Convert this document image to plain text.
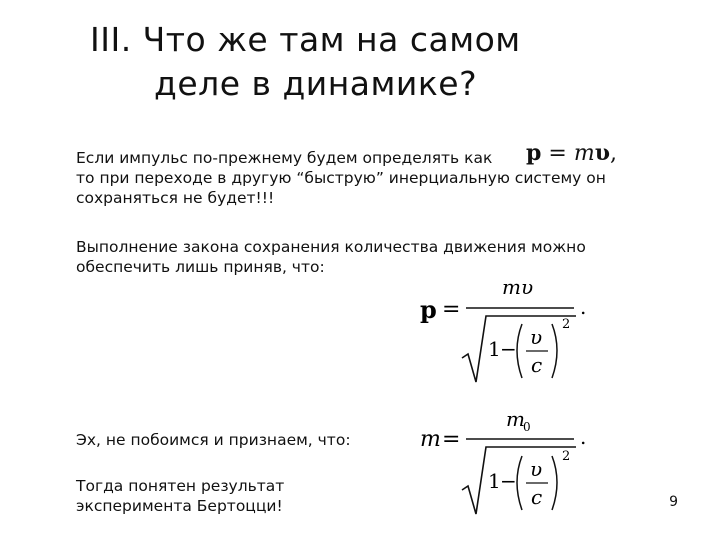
III. Что же там на самом
деле в динамике?
Если импульс по-прежнему будем определять как
то при переходе в другую “быструю” инерциальную систему он
сохраняться не будет!!!
p = mυ,
Выполнение закона сохранения количества движения можно
обеспечить лишь приняв, что:
p =
mυ
.
1 − υ
c
2
Эх, не побоимся и признаем, что:	m =
m
0 .
1 − υ
c
2
Тогда понятен результат
эксперимента Бертоцци!	9
